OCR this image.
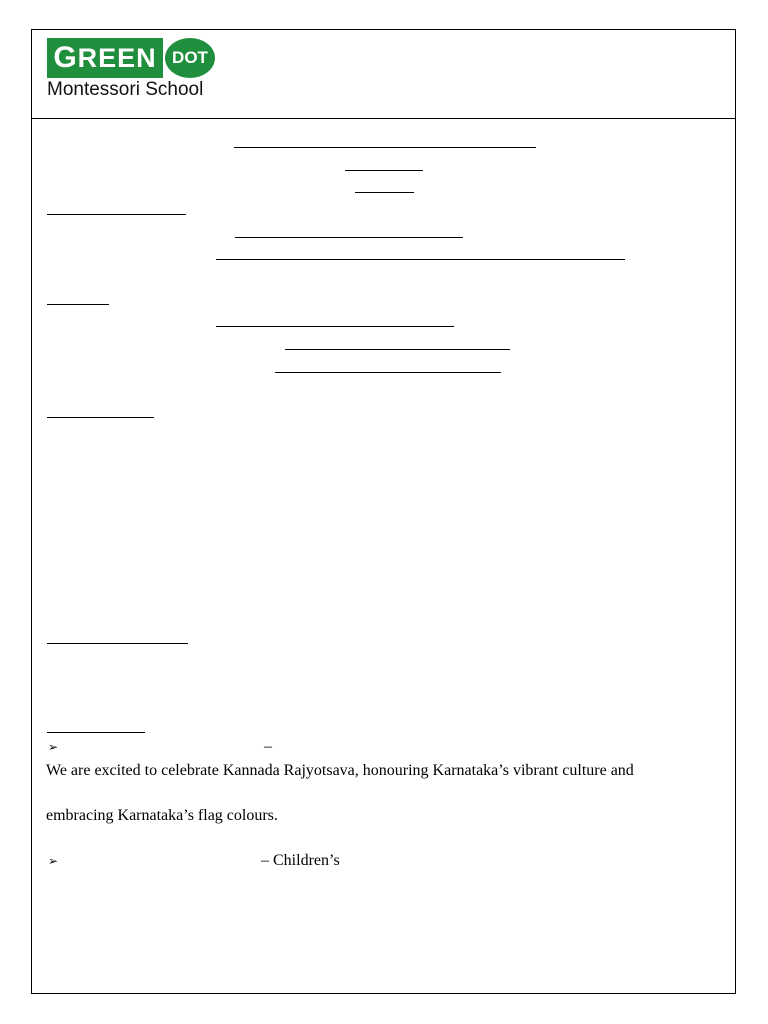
GREEN DOT
Montessori School
➢	–
We are excited to celebrate Kannada Rajyotsava, honouring Karnataka’s vibrant culture and
embracing Karnataka’s flag colours.
➢	– Children’s
